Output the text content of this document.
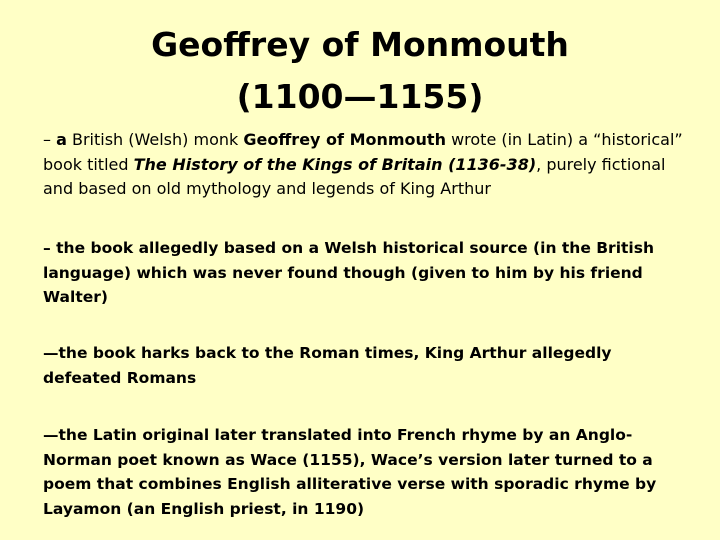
Geoffrey of Monmouth
(1100—1155)
– a British (Welsh) monk Geoffrey of Monmouth wrote (in Latin) a “historical” book titled The History of the Kings of Britain (1136-38), purely fictional and based on old mythology and legends of King Arthur
– the book allegedly based on a Welsh historical source (in the British language) which was never found though (given to him by his friend Walter)
—the book harks back to the Roman times, King Arthur allegedly defeated Romans
—the Latin original later translated into French rhyme by an Anglo-Norman poet known as Wace (1155), Wace’s version later turned to a poem that combines English alliterative verse with sporadic rhyme by Layamon (an English priest, in 1190)
